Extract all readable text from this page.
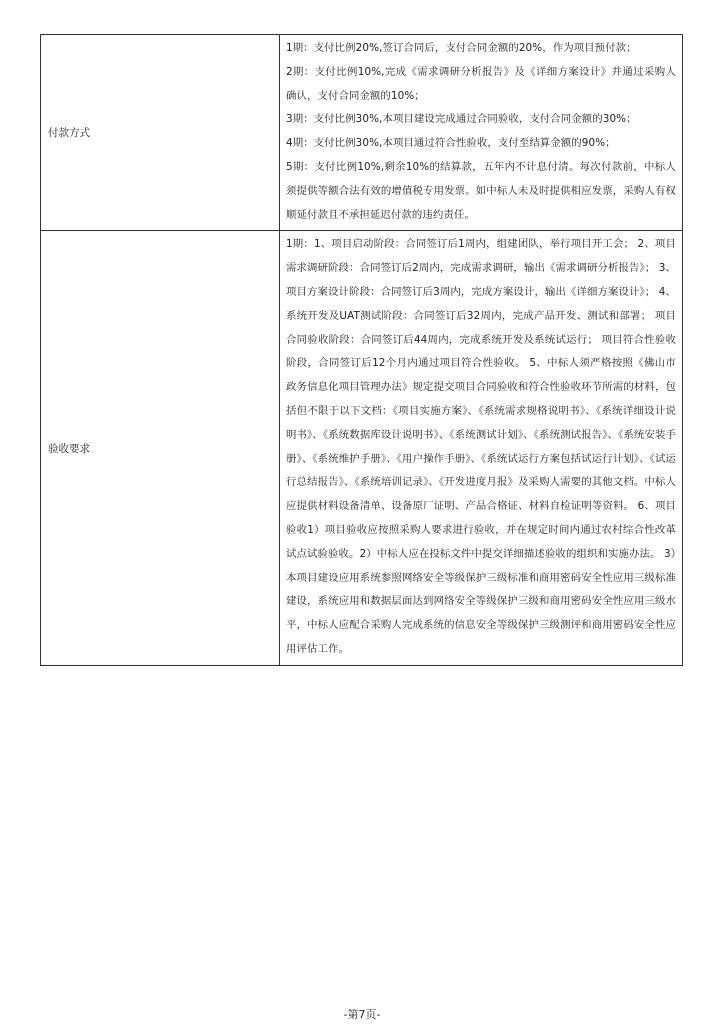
付款方式	1期：支付比例20%,签订合同后，支付合同金额的20%，作为项目预付款；

2期：支付比例10%,完成《需求调研分析报告》及《详细方案设计》并通过采购人确认，支付合同金额的10%；

3期：支付比例30%,本项目建设完成通过合同验收，支付合同金额的30%；

4期：支付比例30%,本项目通过符合性验收，支付至结算金额的90%；

5期：支付比例10%,剩余10%的结算款，五年内不计息付清。每次付款前，中标人须提供等额合法有效的增值税专用发票。如中标人未及时提供相应发票，采购人有权顺延付款且不承担延迟付款的违约责任。

验收要求	1期：1、项目启动阶段：合同签订后1周内，组建团队，举行项目开工会； 2、项目需求调研阶段：合同签订后2周内，完成需求调研，输出《需求调研分析报告》； 3、项目方案设计阶段：合同签订后3周内，完成方案设计，输出《详细方案设计》； 4、系统开发及UAT测试阶段：合同签订后32周内，完成产品开发、测试和部署； 项目合同验收阶段：合同签订后44周内，完成系统开发及系统试运行； 项目符合性验收阶段，合同签订后12个月内通过项目符合性验收。 5、中标人须严格按照《佛山市政务信息化项目管理办法》规定提交项目合同验收和符合性验收环节所需的材料，包括但不限于以下文档：《项目实施方案》、《系统需求规格说明书》、《系统详细设计说明书》、《系统数据库设计说明书》、《系统测试计划》、《系统测试报告》、《系统安装手册》、《系统维护手册》、《用户操作手册》、《系统试运行方案包括试运行计划》、《试运行总结报告》、《系统培训记录》、《开发进度月报》及采购人需要的其他文档。中标人应提供材料设备清单、设备原厂证明、产品合格证、材料自检证明等资料。 6、项目验收1）项目验收应按照采购人要求进行验收，并在规定时间内通过农村综合性改革试点试验验收。2）中标人应在投标文件中提交详细描述验收的组织和实施办法。 3）本项目建设应用系统参照网络安全等级保护三级标准和商用密码安全性应用三级标准建设，系统应用和数据层面达到网络安全等级保护三级和商用密码安全性应用三级水平，中标人应配合采购人完成系统的信息安全等级保护三级测评和商用密码安全性应用评估工作。

-第7页-
